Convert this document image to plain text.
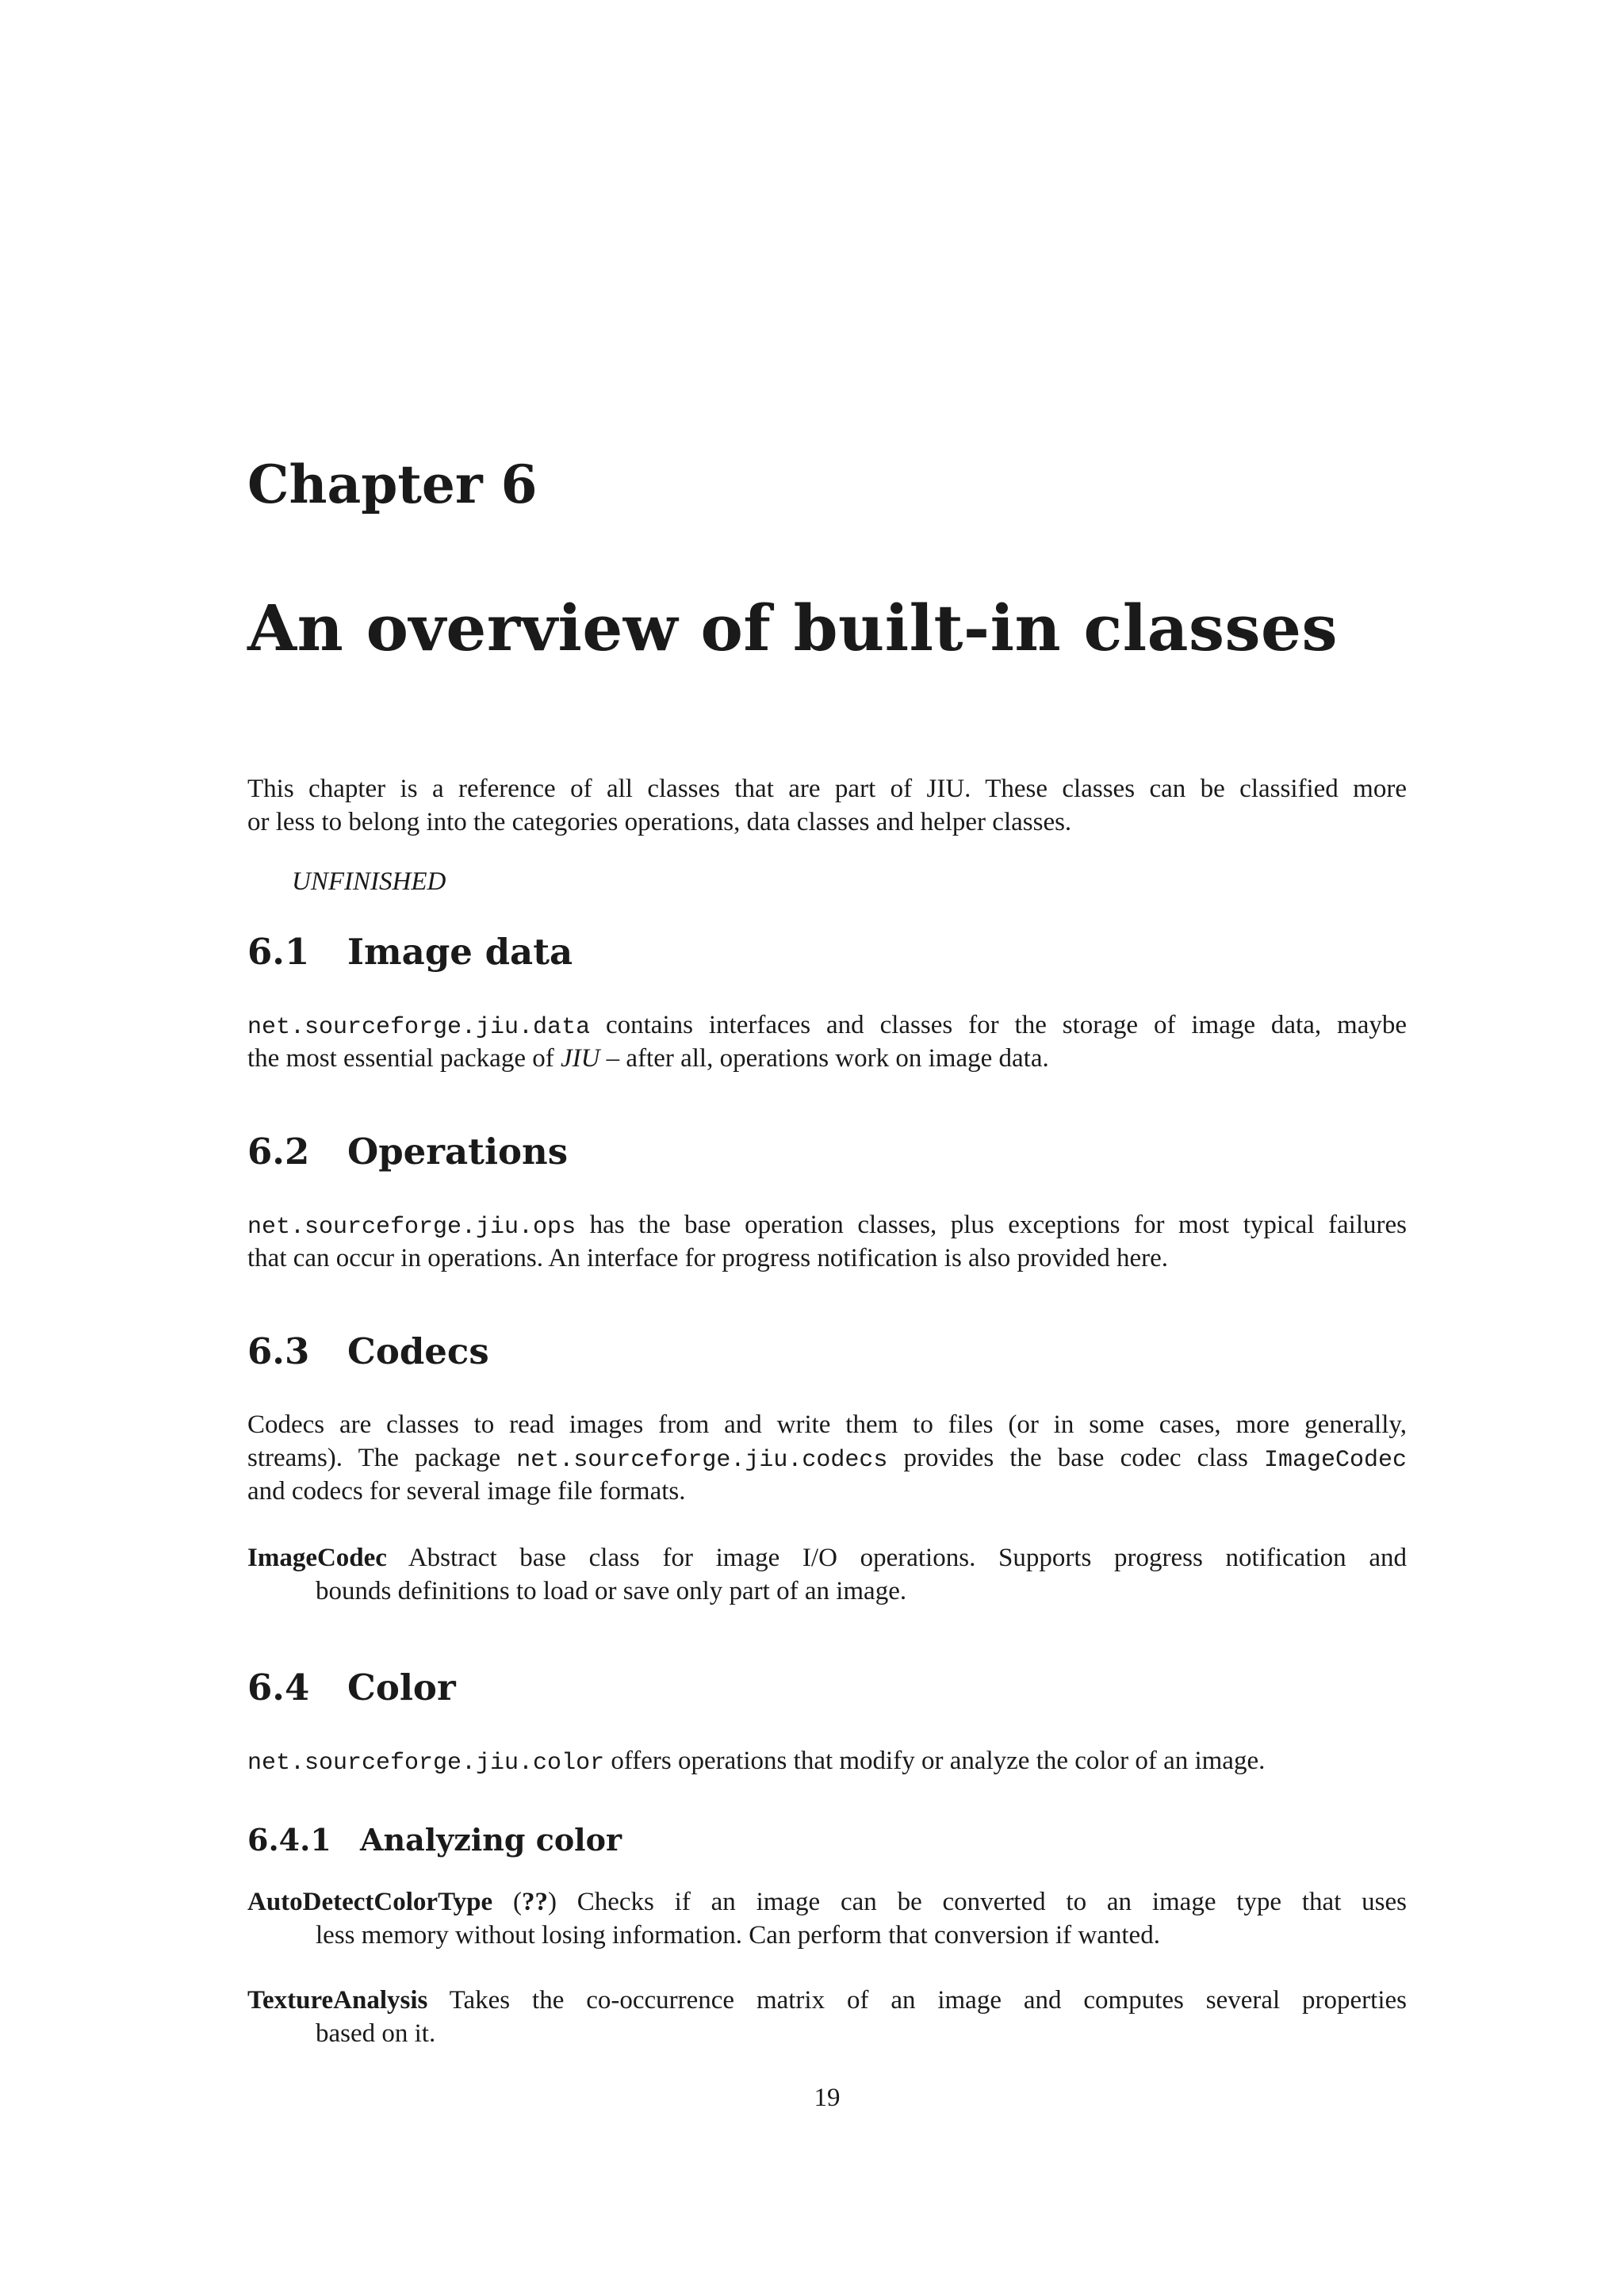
Chapter 6
An overview of built-in classes

This chapter is a reference of all classes that are part of JIU. These classes can be classified more

or less to belong into the categories operations, data classes and helper classes.

UNFINISHED

6.1 Image data

net.sourceforge.jiu.data contains interfaces and classes for the storage of image data, maybe

the most essential package of JIU – after all, operations work on image data.

6.2 Operations

net.sourceforge.jiu.ops has the base operation classes, plus exceptions for most typical failures

that can occur in operations. An interface for progress notification is also provided here.

6.3 Codecs

Codecs are classes to read images from and write them to files (or in some cases, more generally,

streams). The package net.sourceforge.jiu.codecs provides the base codec class ImageCodec

and codecs for several image file formats.

ImageCodec Abstract base class for image I/O operations. Supports progress notification and
bounds definitions to load or save only part of an image.
6.4 Color

net.sourceforge.jiu.color offers operations that modify or analyze the color of an image.

6.4.1 Analyzing color
AutoDetectColorType (??) Checks if an image can be converted to an image type that uses
less memory without losing information. Can perform that conversion if wanted.
TextureAnalysis Takes the co-occurrence matrix of an image and computes several properties
based on it.
19
